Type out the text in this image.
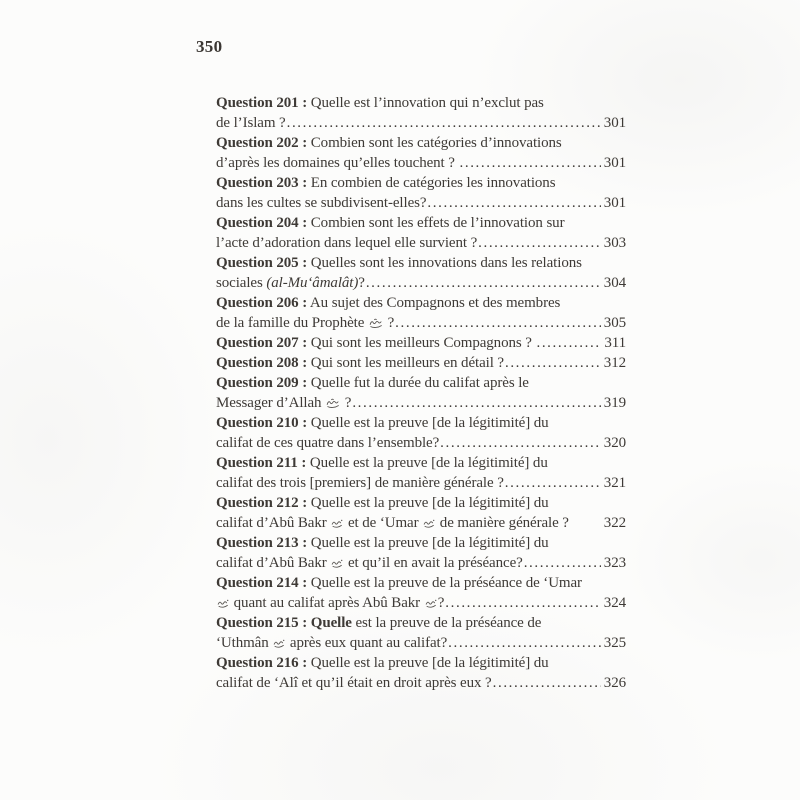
350
Question 201 : Quelle est l’innovation qui n’exclut pas
de l’Islam ? .....	301
Question 202 : Combien sont les catégories d’innovations
d’après les domaines qu’elles touchent ? .....	301
Question 203 : En combien de catégories les innovations
dans les cultes se subdivisent-elles? .....	301
Question 204 : Combien sont les effets de l’innovation sur
l’acte d’adoration dans lequel elle survient ? .....	303
Question 205 : Quelles sont les innovations dans les relations
sociales (al-Mu‘âmalât)? .....	304
Question 206 : Au sujet des Compagnons et des membres
de la famille du Prophète  ? .....	305
Question 207 : Qui sont les meilleurs Compagnons ? .....	311
Question 208 : Qui sont les meilleurs en détail ? .....	312
Question 209 : Quelle fut la durée du califat après le
Messager d’Allah  ? .....	319
Question 210 : Quelle est la preuve [de la légitimité] du
califat de ces quatre dans l’ensemble? .....	320
Question 211 : Quelle est la preuve [de la légitimité] du
califat des trois [premiers] de manière générale ? .....	321
Question 212 : Quelle est la preuve [de la légitimité] du
califat d’Abû Bakr  et de ‘Umar  de manière générale ? 322
Question 213 : Quelle est la preuve [de la légitimité] du
califat d’Abû Bakr  et qu’il en avait la préséance? .....	323
Question 214 : Quelle est la preuve de la préséance de ‘Umar
quant au califat après Abû Bakr ? .....	324
Question 215 : Quelle est la preuve de la préséance de
‘Uthmân  après eux quant au califat? .....	325
Question 216 : Quelle est la preuve [de la légitimité] du
califat de ‘Alî et qu’il était en droit après eux ? .....	326
